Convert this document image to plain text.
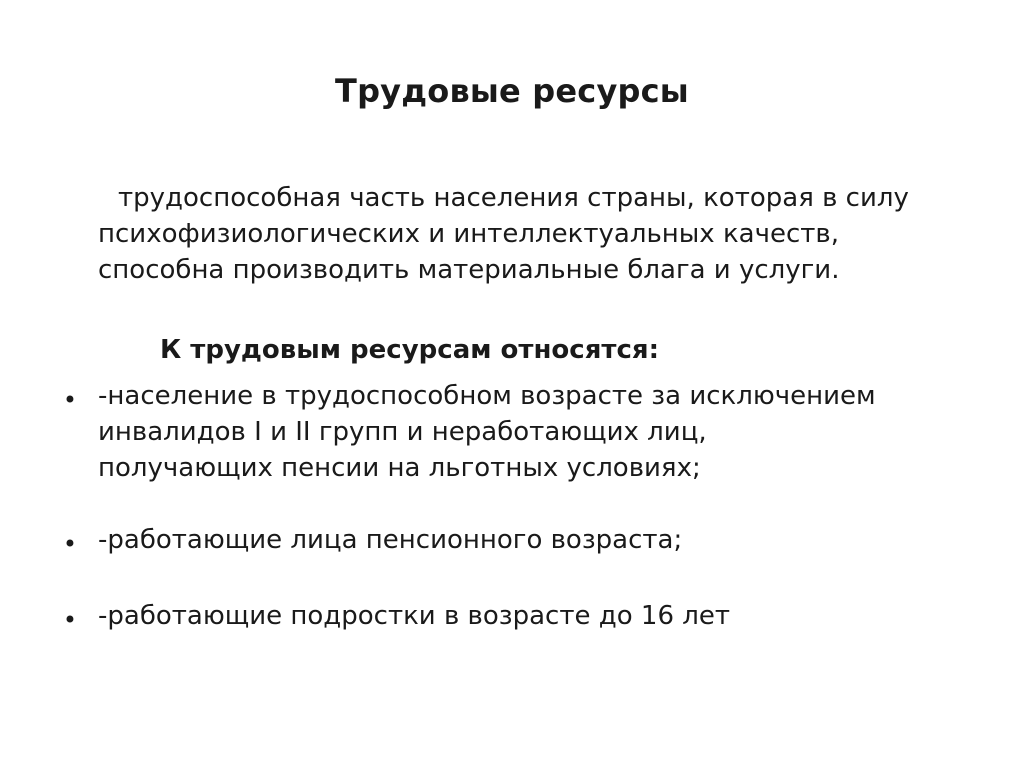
Трудовые ресурсы
трудоспособная часть населения страны, которая в силу
психофизиологических и интеллектуальных качеств,
способна производить материальные блага и услуги.
К трудовым ресурсам относятся:
• -население в трудоспособном возрасте за исключением
инвалидов I и II групп и неработающих лиц,
получающих пенсии на льготных условиях;
• -работающие лица пенсионного возраста;
• -работающие подростки в возрасте до 16 лет
